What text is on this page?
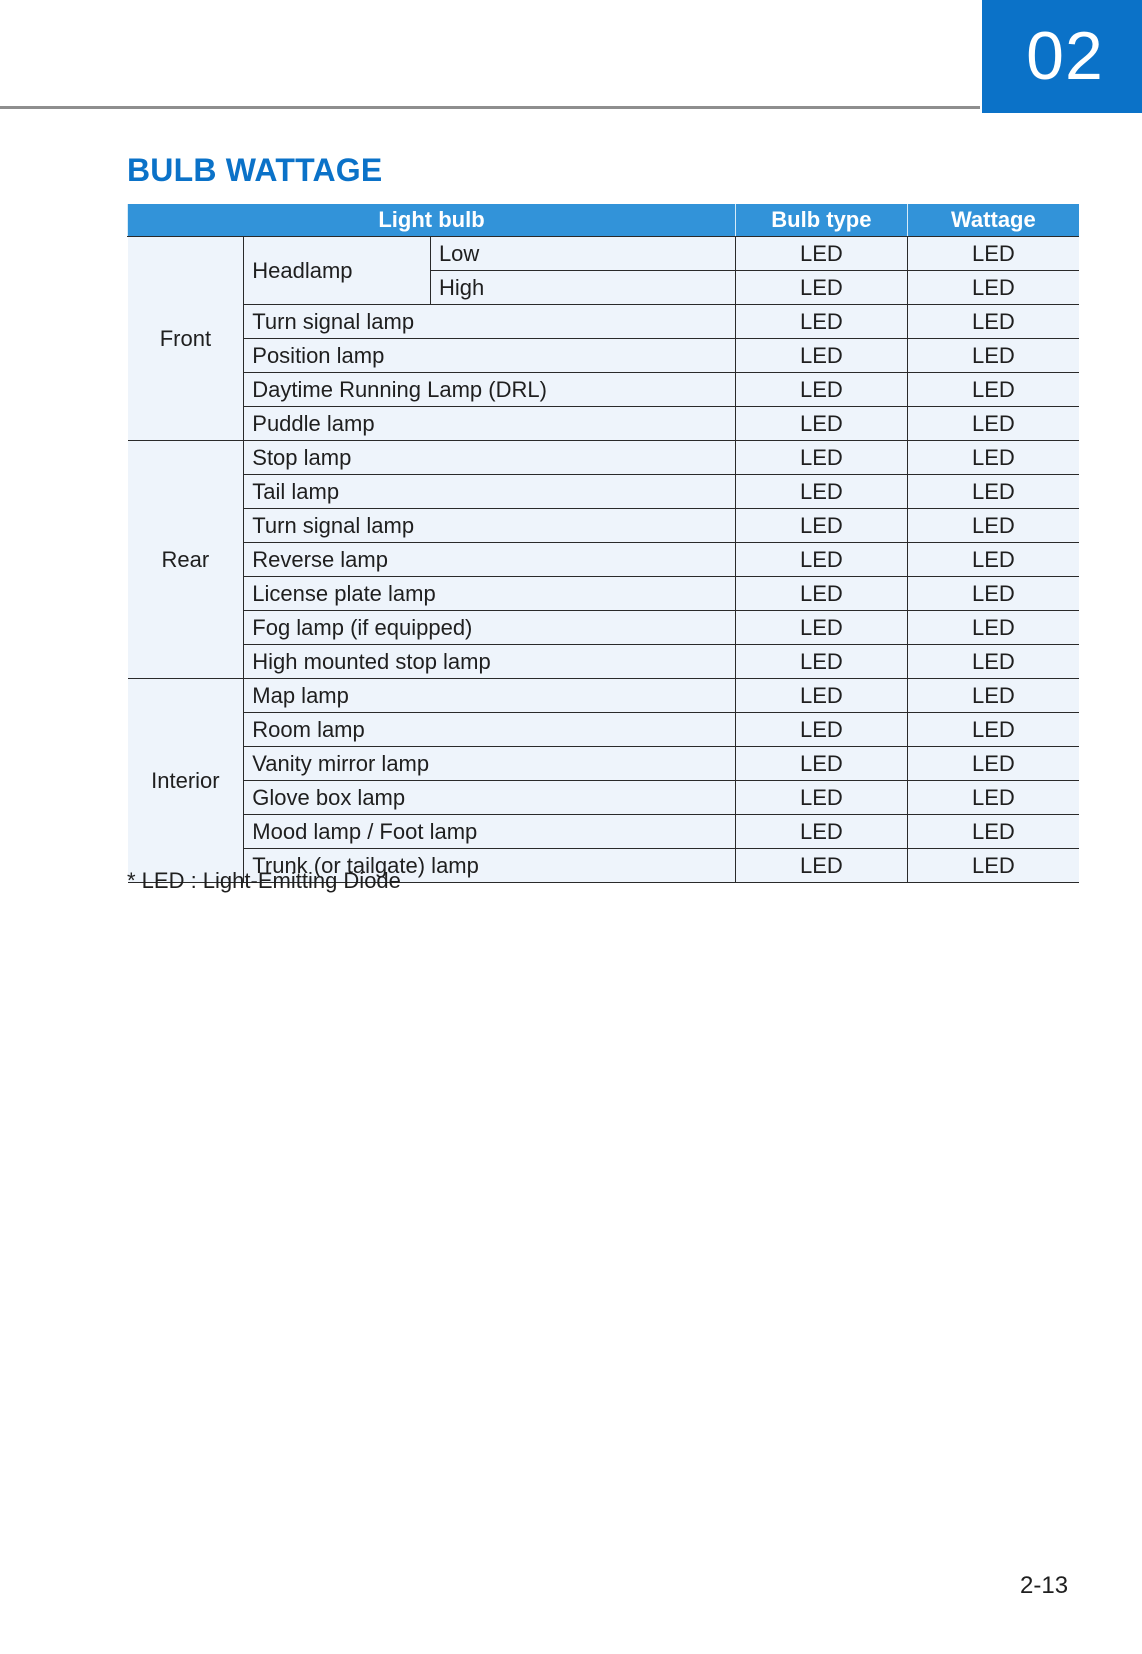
02
BULB WATTAGE
Light bulb			Bulb type	Wattage
Front	Headlamp	Low	LED	LED
		High	LED	LED
	Turn signal lamp		LED	LED
	Position lamp		LED	LED
	Daytime Running Lamp (DRL)		LED	LED
	Puddle lamp		LED	LED
Rear	Stop lamp		LED	LED
	Tail lamp		LED	LED
	Turn signal lamp		LED	LED
	Reverse lamp		LED	LED
	License plate lamp		LED	LED
	Fog lamp (if equipped)		LED	LED
	High mounted stop lamp		LED	LED
Interior	Map lamp		LED	LED
	Room lamp		LED	LED
	Vanity mirror lamp		LED	LED
	Glove box lamp		LED	LED
	Mood lamp / Foot lamp		LED	LED
	Trunk (or tailgate) lamp		LED	LED

* LED : Light-Emitting Diode

2-13
